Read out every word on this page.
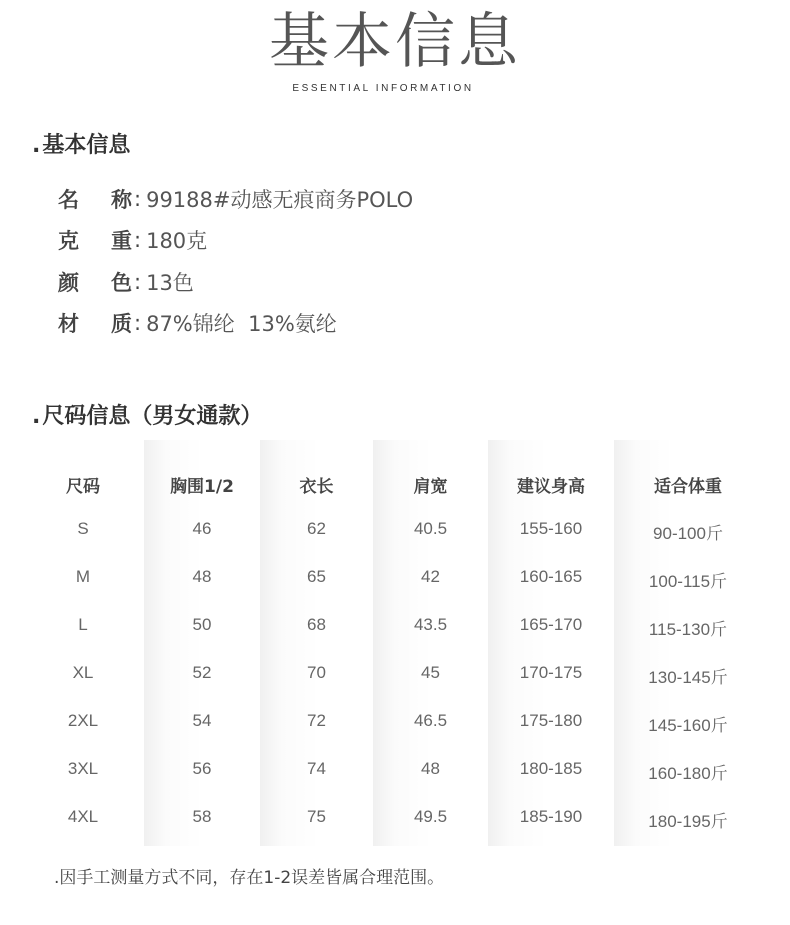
基本信息
ESSENTIAL INFORMATION
.基本信息
名 称 : 99188#动感无痕商务POLO
克 重 : 180克
颜 色 : 13色
材 质 : 87%锦纶  13%氨纶
.尺码信息（男女通款）
尺码
S
M
L
XL
2XL
3XL
4XL
胸围1/2
46
48
50
52
54
56
58
衣长
62
65
68
70
72
74
75
肩宽
40.5
42
43.5
45
46.5
48
49.5
建议身高
155-160
160-165
165-170
170-175
175-180
180-185
185-190
适合体重
90-100斤
100-115斤
115-130斤
130-145斤
145-160斤
160-180斤
180-195斤
.因手工测量方式不同，存在1-2误差皆属合理范围。
